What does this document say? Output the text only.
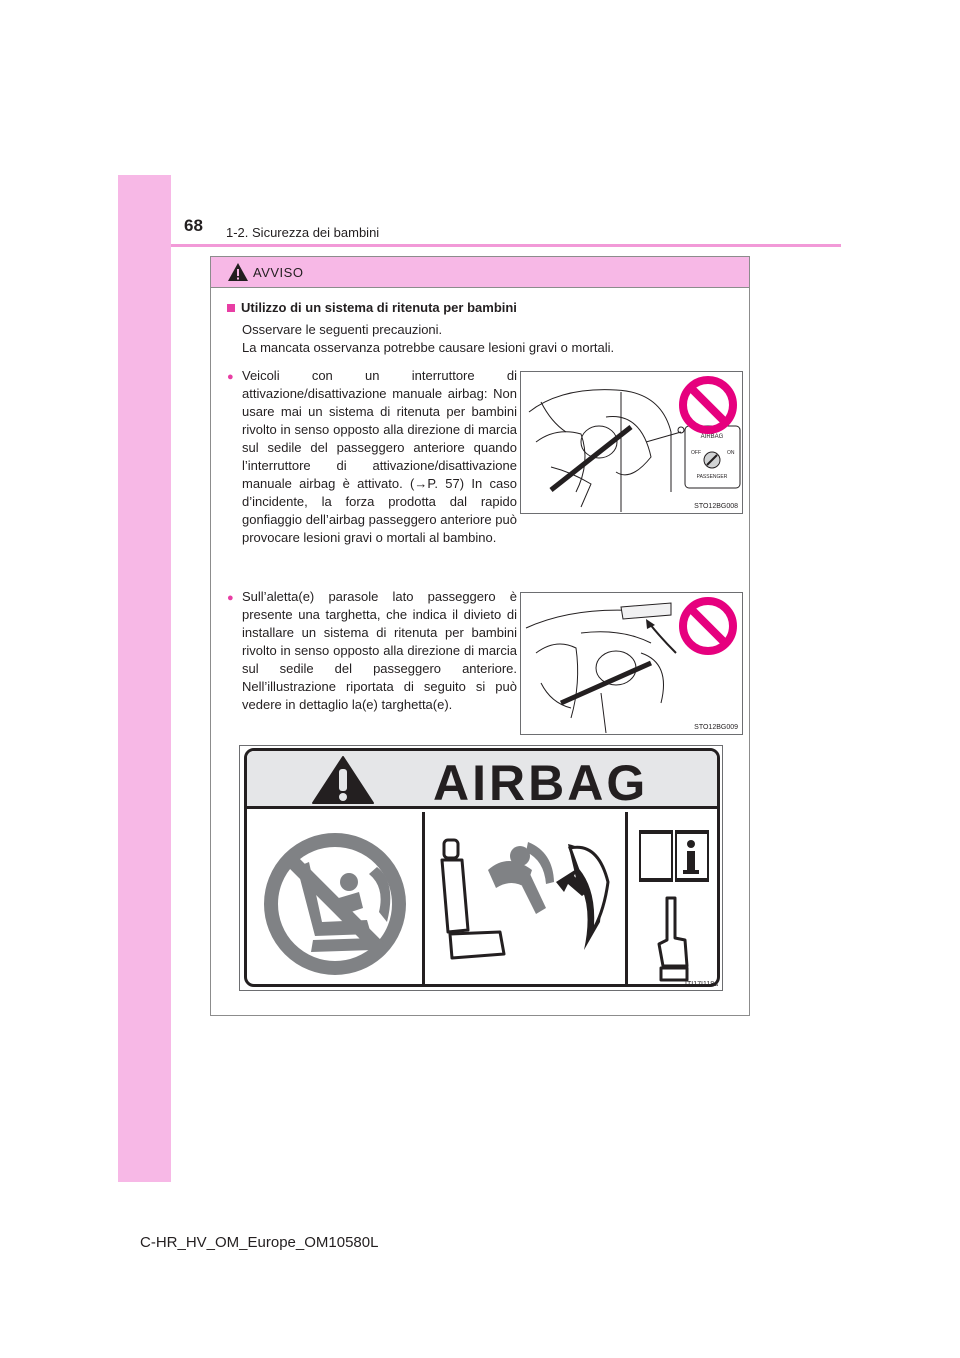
68 1-2. Sicurezza dei bambini
AVVISO
Utilizzo di un sistema di ritenuta per bambini
Osservare le seguenti precauzioni.
La mancata osservanza potrebbe causare lesioni gravi o mortali.
● Veicoli con un interruttore di attivazione/disattivazione manuale airbag: Non usare mai un sistema di ritenuta per bambini rivolto in senso opposto alla direzione di marcia sul sedile del passeggero anteriore quando l’interruttore di attivazione/disattivazione manuale airbag è attivato. (→P. 57) In caso d’incidente, la forza prodotta dal rapido gonfiaggio dell’airbag passeggero anteriore può provocare lesioni gravi o mortali al bambino.
AIRBAG
OFF	ON
PASSENGER
STO12BG008
● Sull’aletta(e) parasole lato passeggero è presente una targhetta, che indica il divieto di installare un sistema di ritenuta per bambini rivolto in senso opposto alla direzione di marcia sul sedile del passeggero anteriore. Nell’illustrazione riportata di seguito si può vedere in dettaglio la(e) targhetta(e).
STO12BG009
AIRBAG
ITI17I118a
C-HR_HV_OM_Europe_OM10580L
